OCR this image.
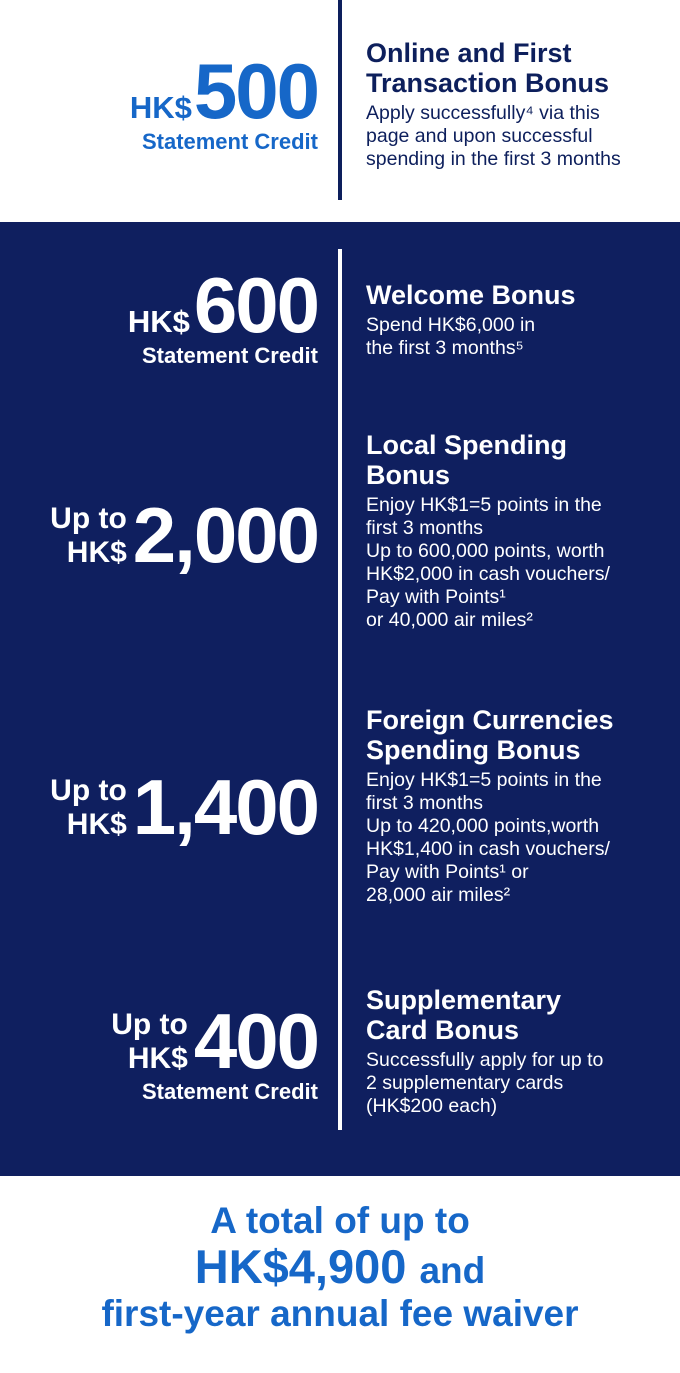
HK$ 500
Statement Credit
Online and First
Transaction Bonus
Apply successfully⁴ via this
page and upon successful
spending in the first 3 months
HK$ 600
Statement Credit
Welcome Bonus
Spend HK$6,000 in
the first 3 months⁵
Up to
HK$ 2,000
Local Spending
Bonus
Enjoy HK$1=5 points in the
first 3 months
Up to 600,000 points, worth
HK$2,000 in cash vouchers/
Pay with Points¹
or 40,000 air miles²
Up to
HK$ 1,400
Foreign Currencies
Spending Bonus
Enjoy HK$1=5 points in the
first 3 months
Up to 420,000 points,worth
HK$1,400 in cash vouchers/
Pay with Points¹ or
28,000 air miles²
Up to
HK$ 400
Statement Credit
Supplementary
Card Bonus
Successfully apply for up to
2 supplementary cards
(HK$200 each)
A total of up to
HK$4,900 and
first-year annual fee waiver
